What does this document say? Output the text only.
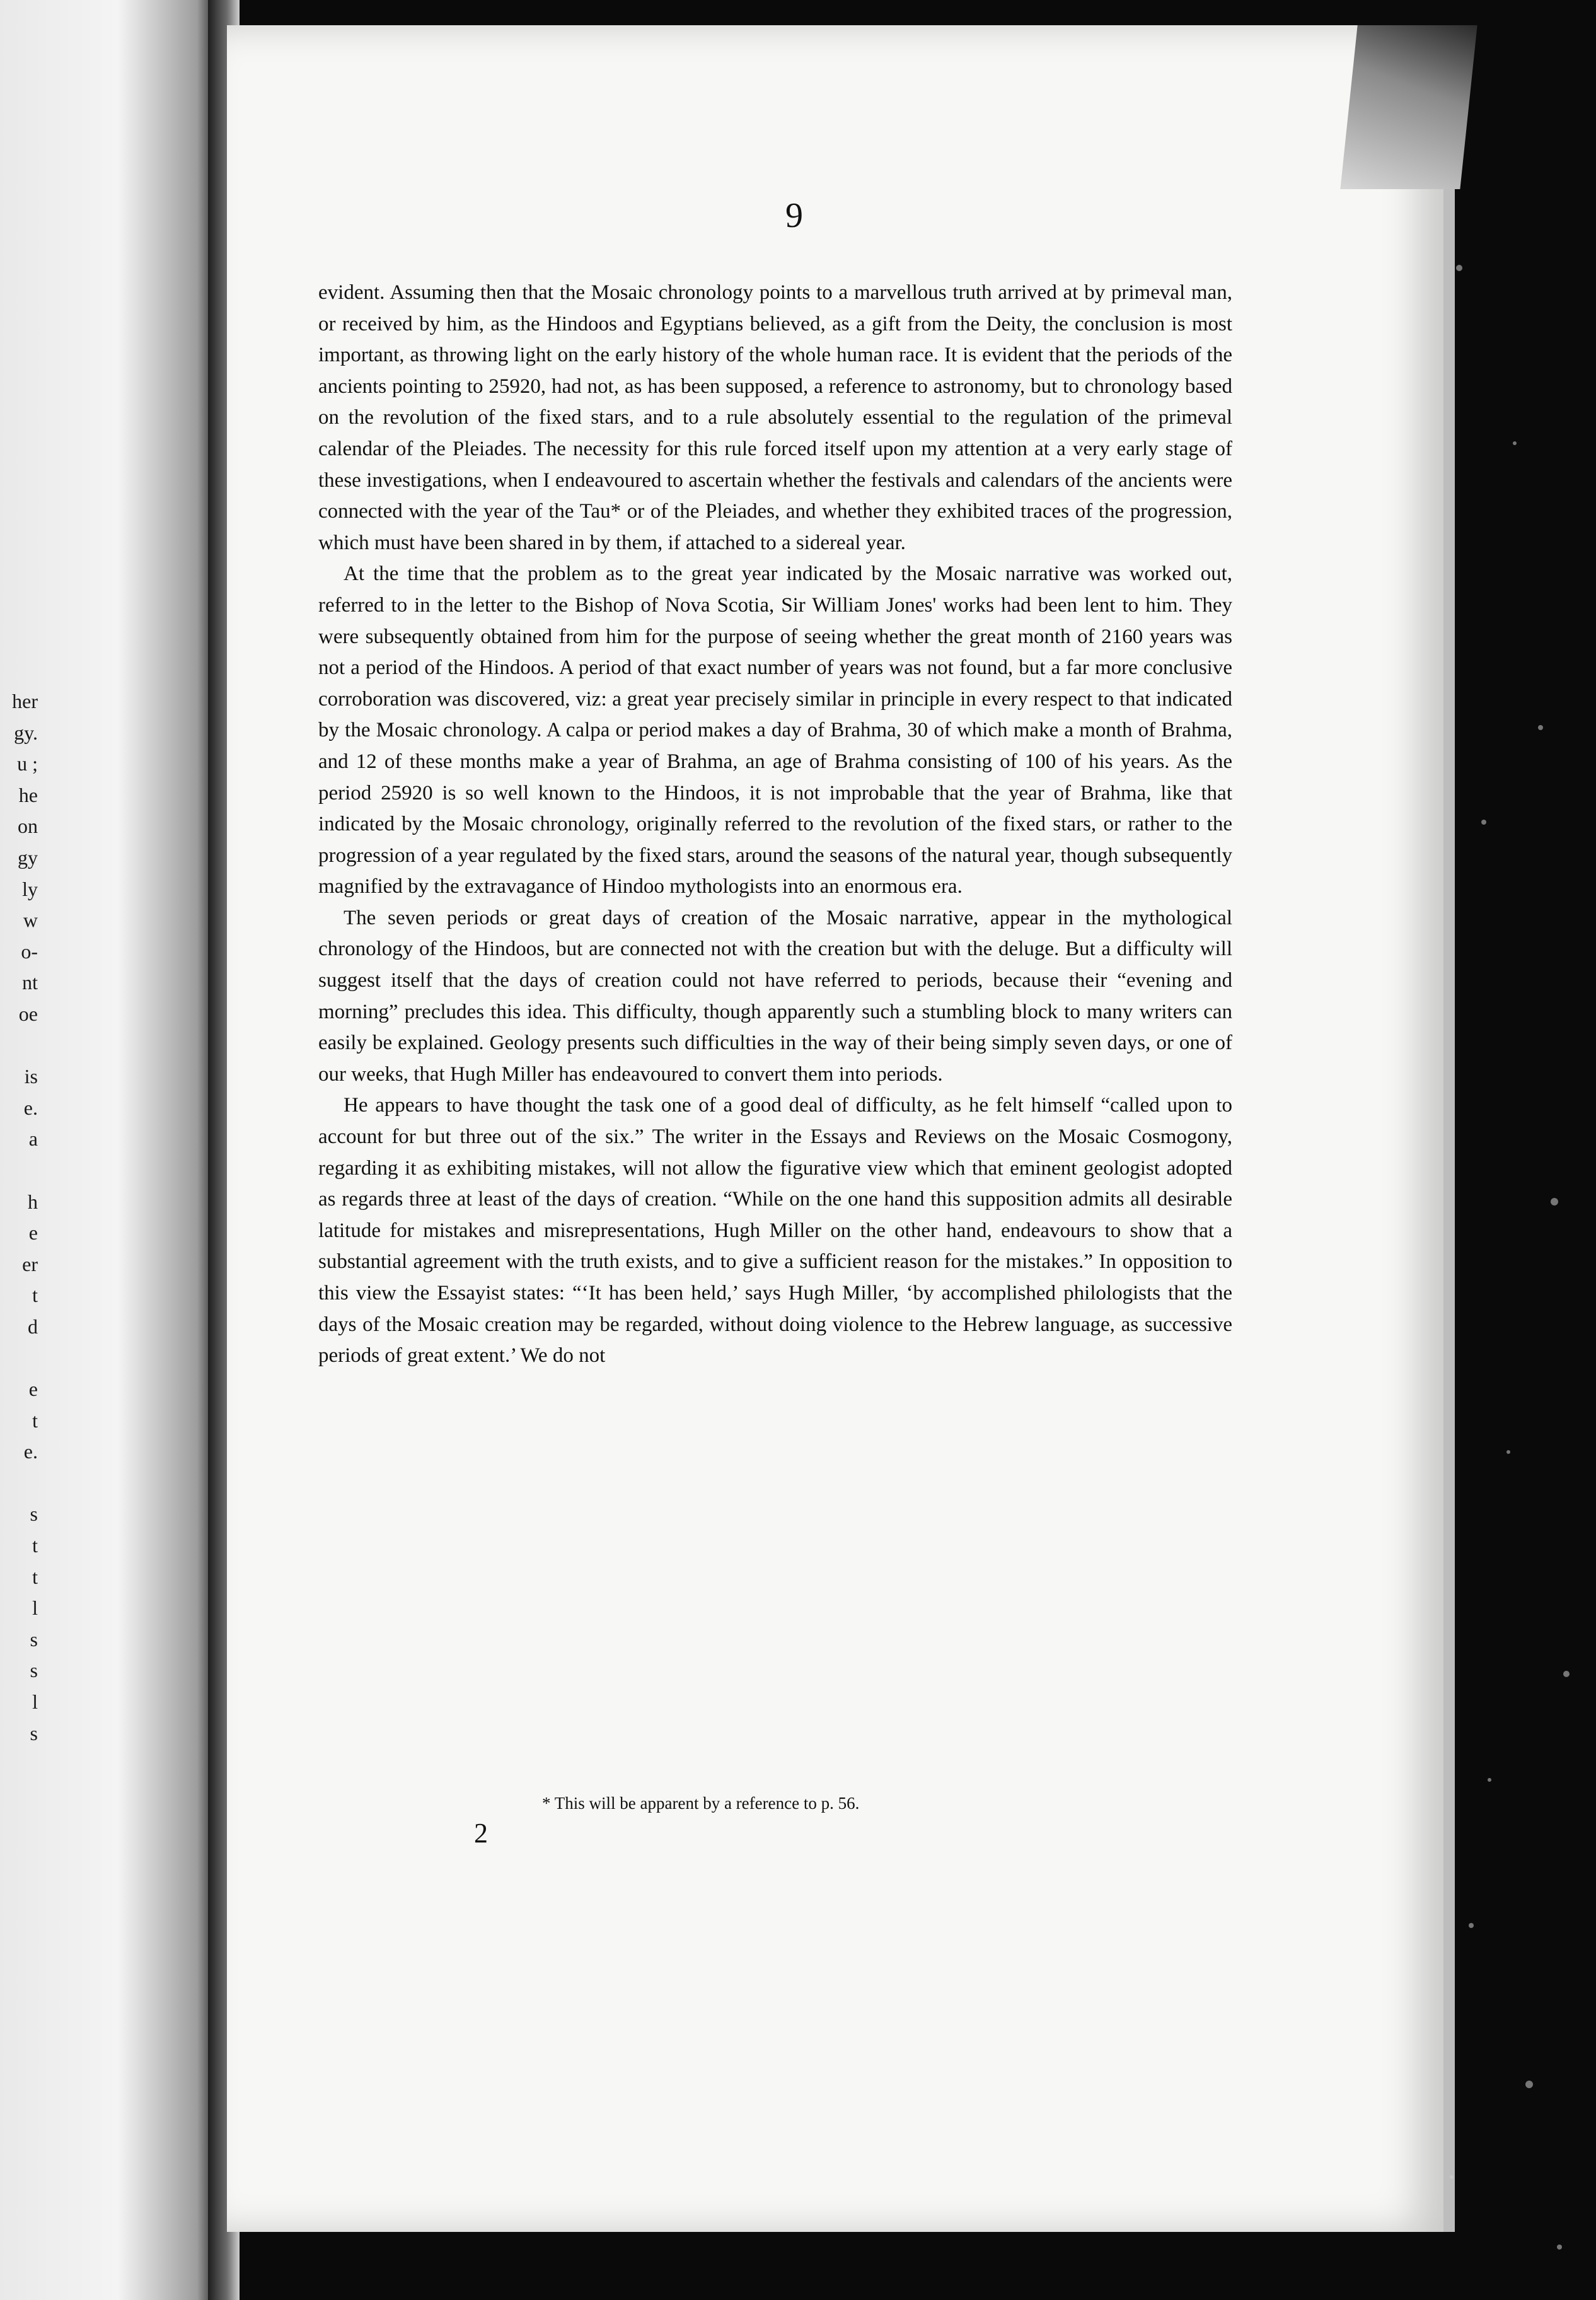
her
gy.
u ;
he
on
gy
ly
w
o-
nt
oe
is
e.
a
h
e
er
t
d
e
t
e.
s
t
t
l
s
s
l
s
9

evident. Assuming then that the Mosaic chronology points to a marvellous truth arrived at by primeval man, or received by him, as the Hindoos and Egyptians believed, as a gift from the Deity, the conclusion is most important, as throwing light on the early history of the whole human race. It is evident that the periods of the ancients pointing to 25920, had not, as has been supposed, a reference to astronomy, but to chronology based on the revolution of the fixed stars, and to a rule absolutely essential to the regulation of the primeval calendar of the Pleiades. The necessity for this rule forced itself upon my attention at a very early stage of these investigations, when I endeavoured to ascertain whether the festivals and calendars of the ancients were connected with the year of the Tau* or of the Pleiades, and whether they exhibited traces of the progression, which must have been shared in by them, if attached to a sidereal year.

At the time that the problem as to the great year indicated by the Mosaic narrative was worked out, referred to in the letter to the Bishop of Nova Scotia, Sir William Jones' works had been lent to him. They were subsequently obtained from him for the purpose of seeing whether the great month of 2160 years was not a period of the Hindoos. A period of that exact number of years was not found, but a far more conclusive corroboration was discovered, viz: a great year precisely similar in principle in every respect to that indicated by the Mosaic chronology. A calpa or period makes a day of Brahma, 30 of which make a month of Brahma, and 12 of these months make a year of Brahma, an age of Brahma consisting of 100 of his years. As the period 25920 is so well known to the Hindoos, it is not improbable that the year of Brahma, like that indicated by the Mosaic chronology, originally referred to the revolution of the fixed stars, or rather to the progression of a year regulated by the fixed stars, around the seasons of the natural year, though subsequently magnified by the extravagance of Hindoo mythologists into an enormous era.

The seven periods or great days of creation of the Mosaic narrative, appear in the mythological chronology of the Hindoos, but are connected not with the creation but with the deluge. But a difficulty will suggest itself that the days of creation could not have referred to periods, because their “evening and morning” precludes this idea. This difficulty, though apparently such a stumbling block to many writers can easily be explained. Geology presents such difficulties in the way of their being simply seven days, or one of our weeks, that Hugh Miller has endeavoured to convert them into periods.

He appears to have thought the task one of a good deal of difficulty, as he felt himself “called upon to account for but three out of the six.” The writer in the Essays and Reviews on the Mosaic Cosmogony, regarding it as exhibiting mistakes, will not allow the figurative view which that eminent geologist adopted as regards three at least of the days of creation. “While on the one hand this supposition admits all desirable latitude for mistakes and misrepresentations, Hugh Miller on the other hand, endeavours to show that a substantial agreement with the truth exists, and to give a sufficient reason for the mistakes.” In opposition to this view the Essayist states: “‘It has been held,’ says Hugh Miller, ‘by accomplished philologists that the days of the Mosaic creation may be regarded, without doing violence to the Hebrew language, as successive periods of great extent.’ We do not

* This will be apparent by a reference to p. 56.
2
